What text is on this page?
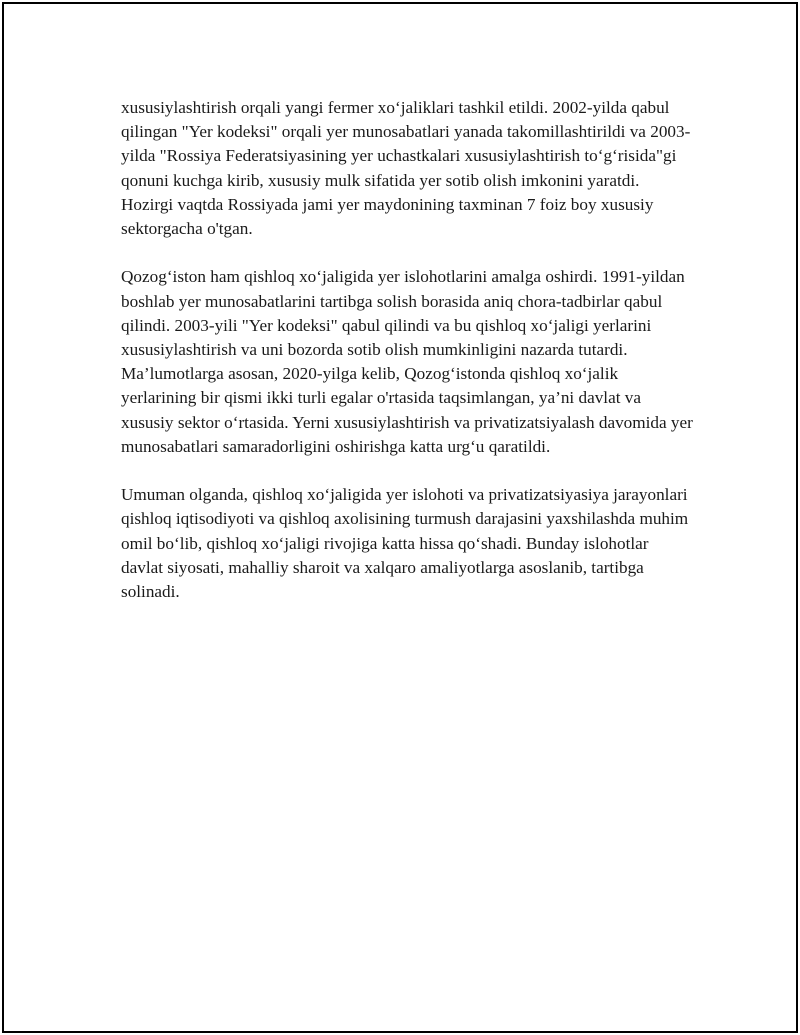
xususiylashtirish orqali yangi fermer xo‘jaliklari tashkil etildi. 2002-yilda qabul qilingan "Yer kodeksi" orqali yer munosabatlari yanada takomillashtirildi va 2003-yilda "Rossiya Federatsiyasining yer uchastkalari xususiylashtirish to‘g‘risida"gi qonuni kuchga kirib, xususiy mulk sifatida yer sotib olish imkonini yaratdi. Hozirgi vaqtda Rossiyada jami yer maydonining taxminan 7 foiz boy xususiy sektorgacha o'tgan.

Qozog‘iston ham qishloq xo‘jaligida yer islohotlarini amalga oshirdi. 1991-yildan boshlab yer munosabatlarini tartibga solish borasida aniq chora-tadbirlar qabul qilindi. 2003-yili "Yer kodeksi" qabul qilindi va bu qishloq xo‘jaligi yerlarini xususiylashtirish va uni bozorda sotib olish mumkinligini nazarda tutardi. Ma’lumotlarga asosan, 2020-yilga kelib, Qozog‘istonda qishloq xo‘jalik yerlarining bir qismi ikki turli egalar o'rtasida taqsimlangan, ya’ni davlat va xususiy sektor o‘rtasida. Yerni xususiylashtirish va privatizatsiyalash davomida yer munosabatlari samaradorligini oshirishga katta urg‘u qaratildi.

Umuman olganda, qishloq xo‘jaligida yer islohoti va privatizatsiyasiya jarayonlari qishloq iqtisodiyoti va qishloq axolisining turmush darajasini yaxshilashda muhim omil bo‘lib, qishloq xo‘jaligi rivojiga katta hissa qo‘shadi. Bunday islohotlar davlat siyosati, mahalliy sharoit va xalqaro amaliyotlarga asoslanib, tartibga solinadi.
